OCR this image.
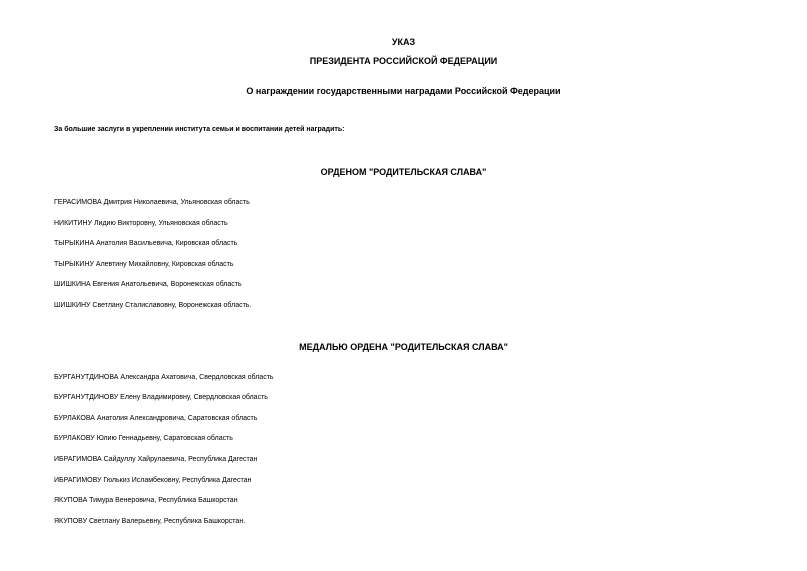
УКАЗ
ПРЕЗИДЕНТА РОССИЙСКОЙ ФЕДЕРАЦИИ
О награждении государственными наградами Российской Федерации
За большие заслуги в укреплении института семьи и воспитании детей наградить:
ОРДЕНОМ "РОДИТЕЛЬСКАЯ СЛАВА"
ГЕРАСИМОВА Дмитрия Николаевича, Ульяновская область
НИКИТИНУ Лидию Викторовну, Ульяновская область
ТЫРЫКИНА Анатолия Васильевича, Кировская область
ТЫРЫКИНУ Алевтину Михайловну, Кировская область
ШИШКИНА Евгения Анатольевича, Воронежская область
ШИШКИНУ Светлану Сталиславовну, Воронежская область.
МЕДАЛЬЮ ОРДЕНА "РОДИТЕЛЬСКАЯ СЛАВА"
БУРГАНУТДИНОВА Александра Ахатовича, Свердловская область
БУРГАНУТДИНОВУ Елену Владимировну, Свердловская область
БУРЛАКОВА Анатолия Александровича, Саратовская область
БУРЛАКОВУ Юлию Геннадьевну, Саратовская область
ИБРАГИМОВА Сайдуллу Хайрулаевича, Республика Дагестан
ИБРАГИМОВУ Гюлькиз Исламбековну, Республика Дагестан
ЯКУПОВА Тимура Венеровича, Республика Башкорстан
ЯКУПОВУ Светлану Валерьевну, Республика Башкорстан.
